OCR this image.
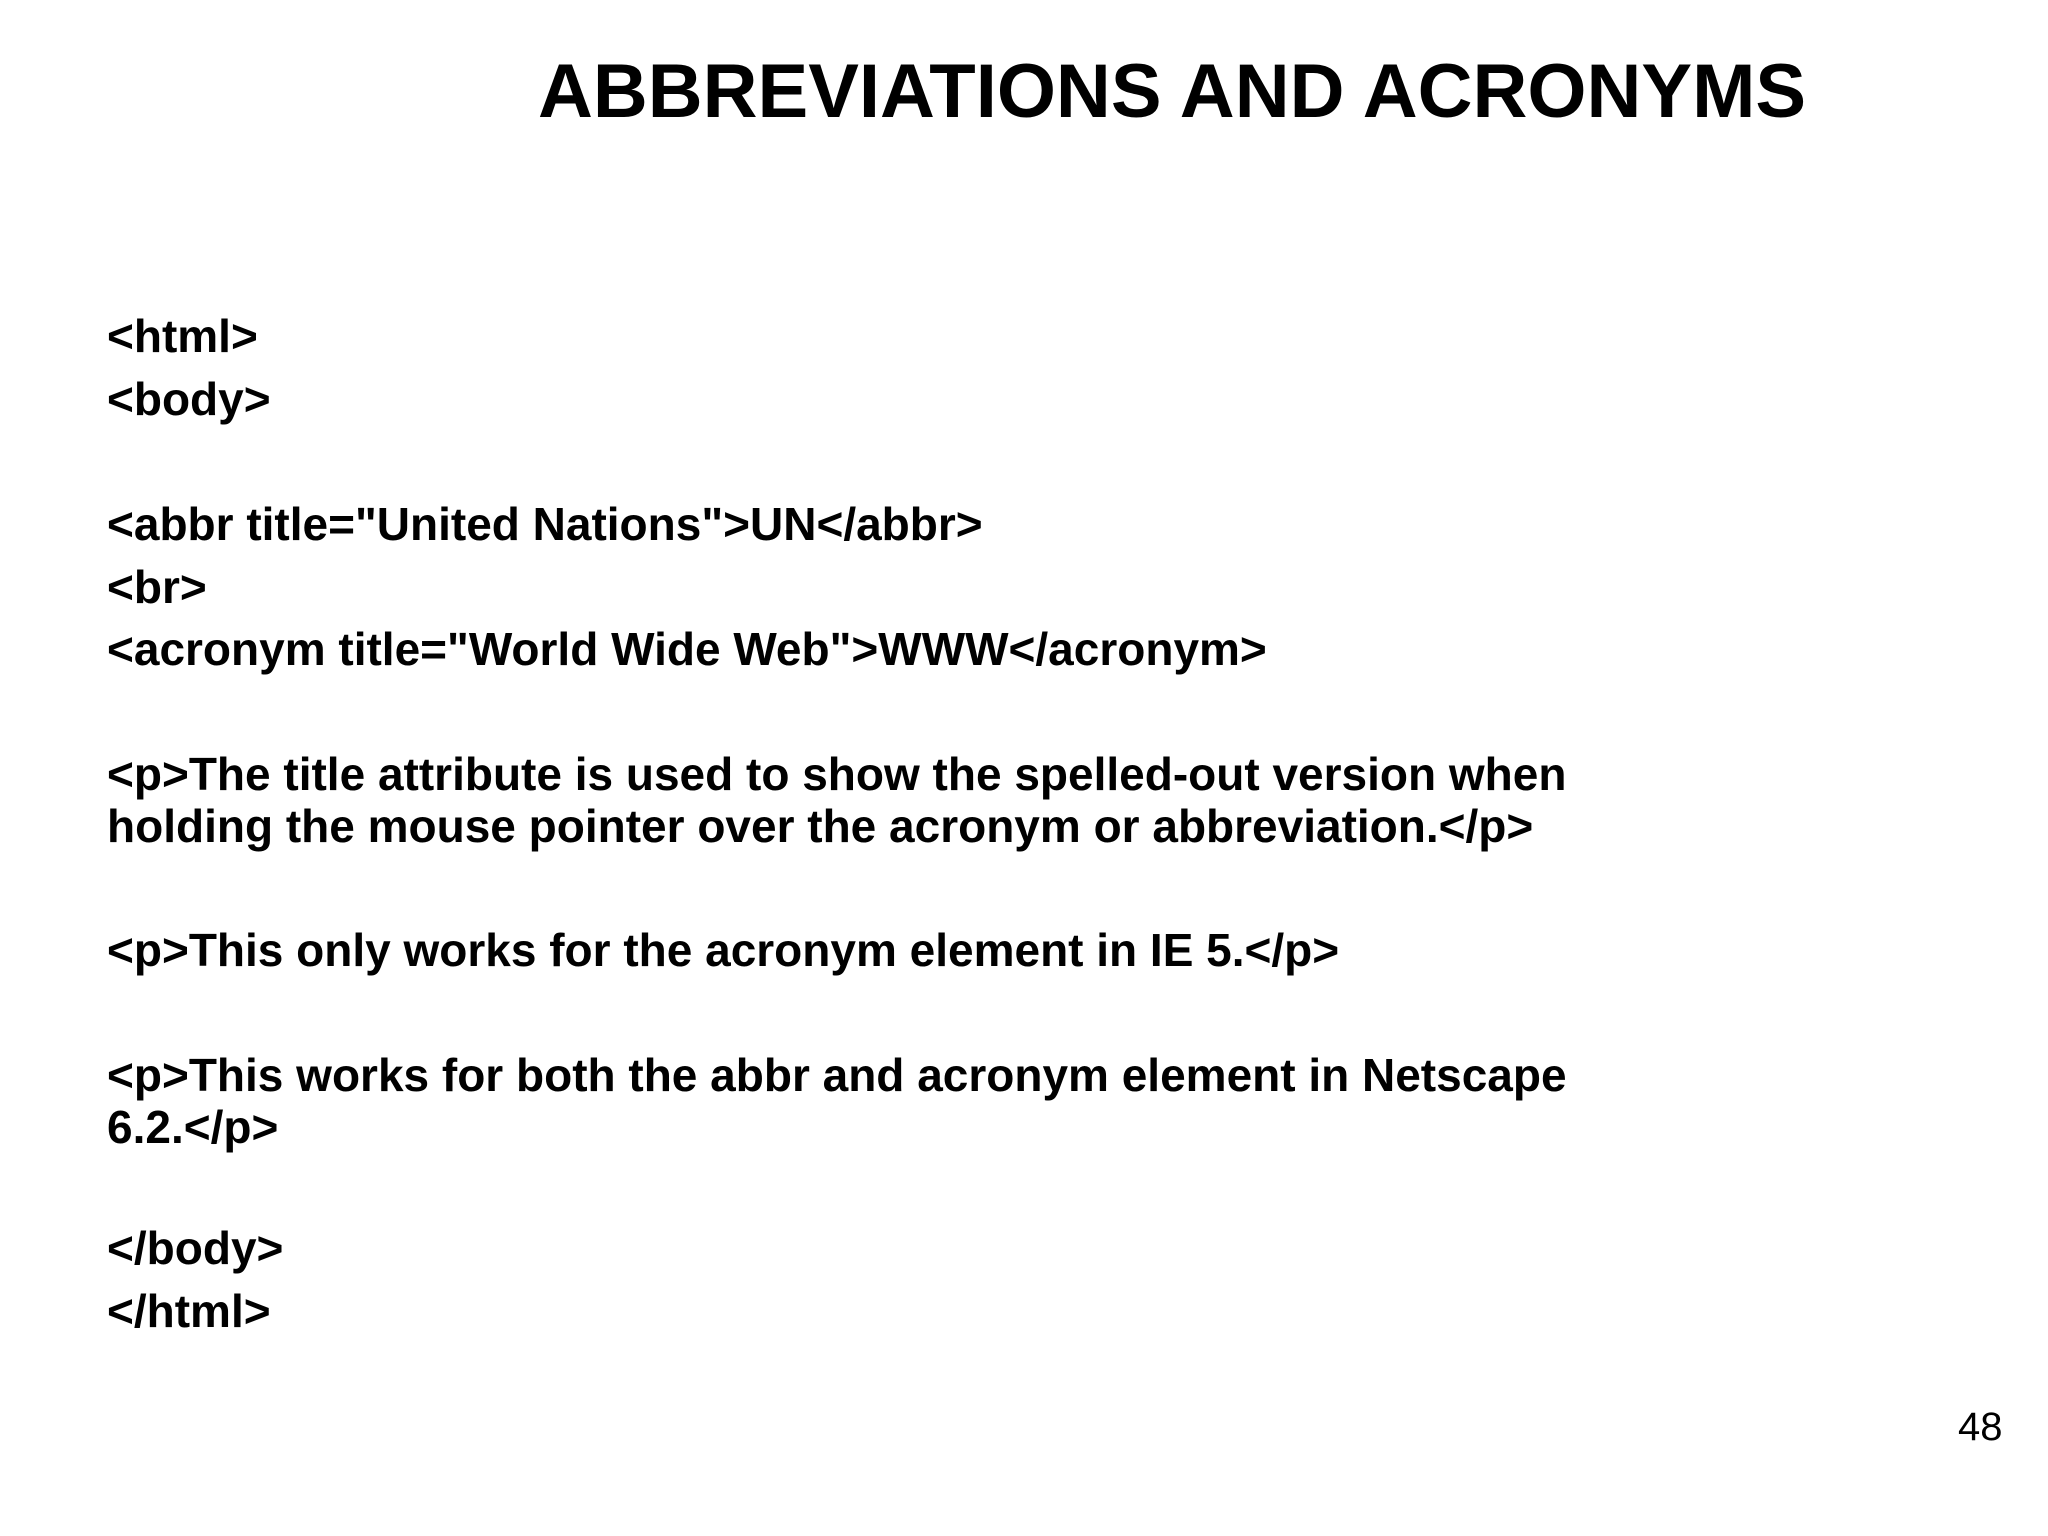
ABBREVIATIONS AND ACRONYMS

<html>

<body>

<abbr title="United Nations">UN</abbr>

<br>

<acronym title="World Wide Web">WWW</acronym>

<p>The title attribute is used to show the spelled-out version when

holding the mouse pointer over the acronym or abbreviation.</p>

<p>This only works for the acronym element in IE 5.</p>

<p>This works for both the abbr and acronym element in Netscape

6.2.</p>

</body>

</html>

48
